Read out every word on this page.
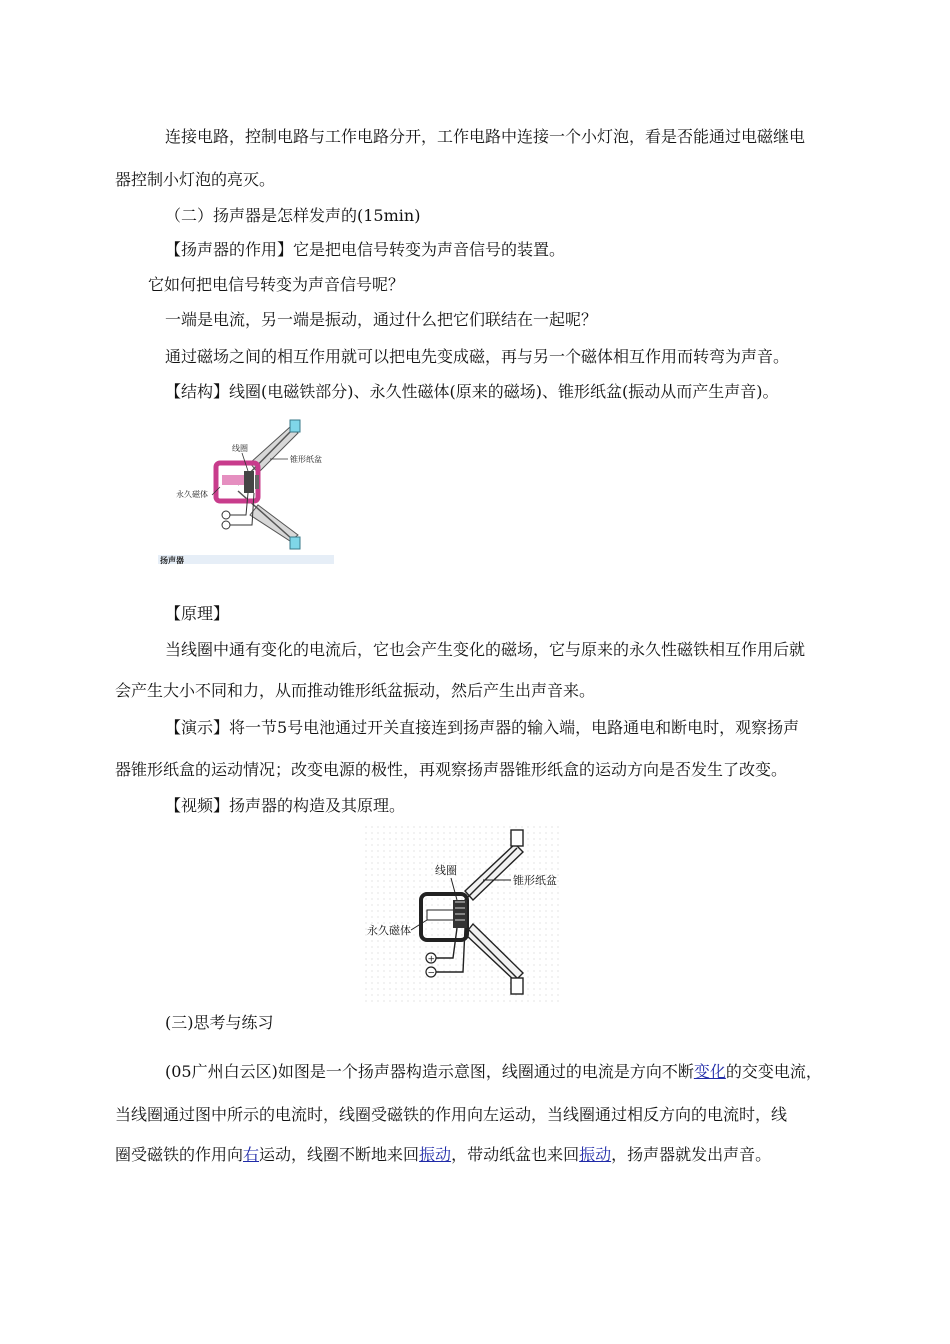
连接电路，控制电路与工作电路分开，工作电路中连接一个小灯泡，看是否能通过电磁继电
器控制小灯泡的亮灭。
（二）扬声器是怎样发声的(15min)
【扬声器的作用】它是把电信号转变为声音信号的装置。
它如何把电信号转变为声音信号呢？
一端是电流，另一端是振动，通过什么把它们联结在一起呢？
通过磁场之间的相互作用就可以把电先变成磁，再与另一个磁体相互作用而转弯为声音。
【结构】线圈(电磁铁部分)、永久性磁体(原来的磁场)、锥形纸盆(振动从而产生声音)。
线圈
锥形纸盆
永久磁体
扬声器
【原理】
当线圈中通有变化的电流后，它也会产生变化的磁场，它与原来的永久性磁铁相互作用后就
会产生大小不同和力，从而推动锥形纸盆振动，然后产生出声音来。
【演示】将一节5号电池通过开关直接连到扬声器的输入端，电路通电和断电时，观察扬声
器锥形纸盒的运动情况；改变电源的极性，再观察扬声器锥形纸盒的运动方向是否发生了改变。
【视频】扬声器的构造及其原理。
+
−
线圈
锥形纸盆
永久磁体
(三)思考与练习
(05广州白云区)如图是一个扬声器构造示意图，线圈通过的电流是方向不断变化的交变电流，
当线圈通过图中所示的电流时，线圈受磁铁的作用向左运动，当线圈通过相反方向的电流时，线
圈受磁铁的作用向右运动，线圈不断地来回振动，带动纸盆也来回振动，扬声器就发出声音。
